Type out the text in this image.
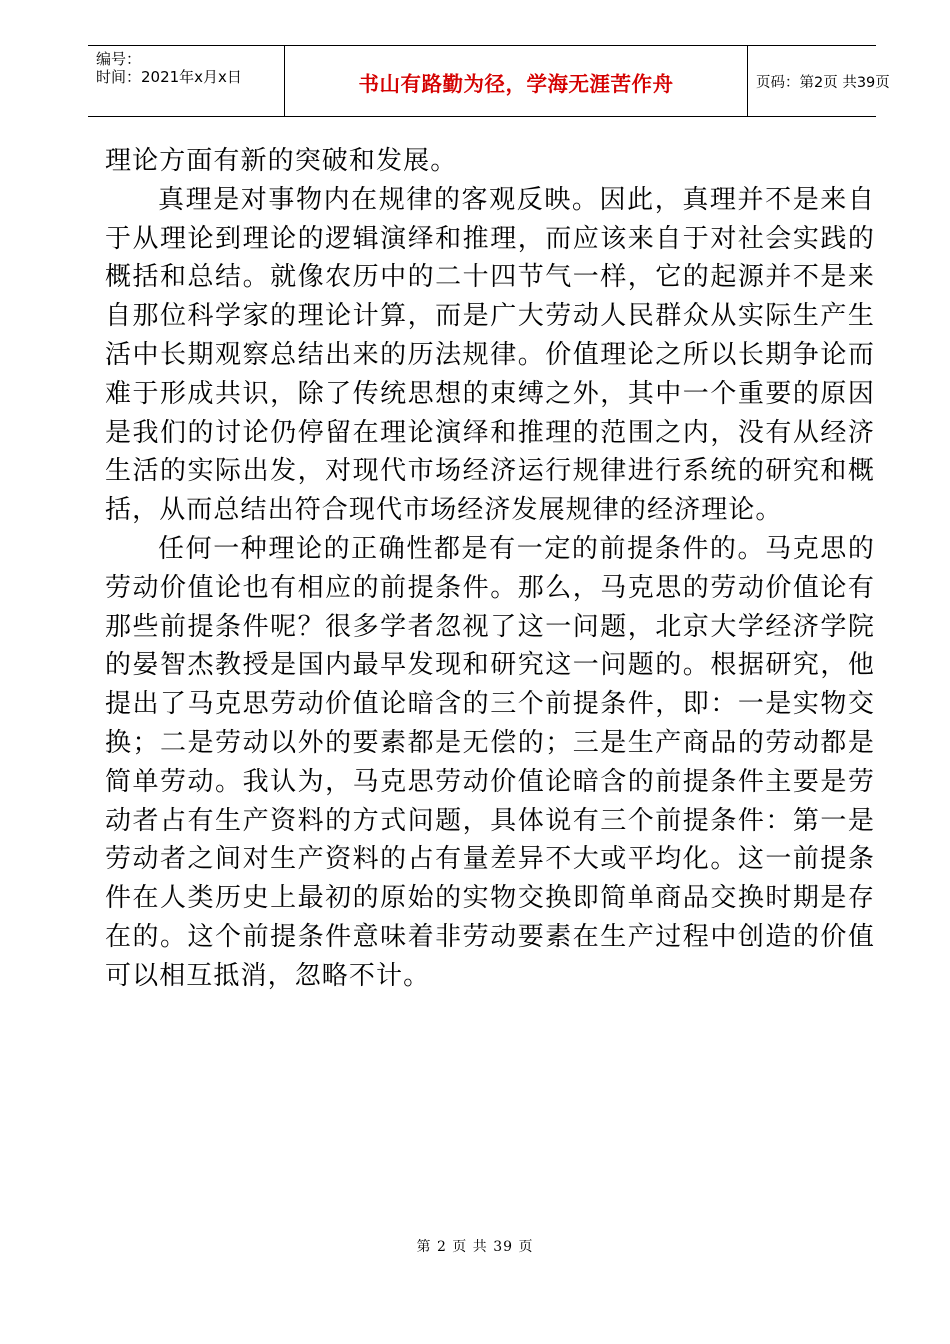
编号：
时间：2021年x月x日	书山有路勤为径，学海无涯苦作舟	页码：第2页 共39页

理论方面有新的突破和发展。

真理是对事物内在规律的客观反映。因此，真理并不是来自于从理论到理论的逻辑演绎和推理，而应该来自于对社会实践的概括和总结。就像农历中的二十四节气一样，它的起源并不是来自那位科学家的理论计算，而是广大劳动人民群众从实际生产生活中长期观察总结出来的历法规律。价值理论之所以长期争论而难于形成共识，除了传统思想的束缚之外，其中一个重要的原因是我们的讨论仍停留在理论演绎和推理的范围之内，没有从经济生活的实际出发，对现代市场经济运行规律进行系统的研究和概括，从而总结出符合现代市场经济发展规律的经济理论。

任何一种理论的正确性都是有一定的前提条件的。马克思的劳动价值论也有相应的前提条件。那么，马克思的劳动价值论有那些前提条件呢？很多学者忽视了这一问题，北京大学经济学院的晏智杰教授是国内最早发现和研究这一问题的。根据研究，他提出了马克思劳动价值论暗含的三个前提条件，即：一是实物交换；二是劳动以外的要素都是无偿的；三是生产商品的劳动都是简单劳动。我认为，马克思劳动价值论暗含的前提条件主要是劳动者占有生产资料的方式问题，具体说有三个前提条件：第一是劳动者之间对生产资料的占有量差异不大或平均化。这一前提条件在人类历史上最初的原始的实物交换即简单商品交换时期是存在的。这个前提条件意味着非劳动要素在生产过程中创造的价值可以相互抵消，忽略不计。

第 2 页 共 39 页
